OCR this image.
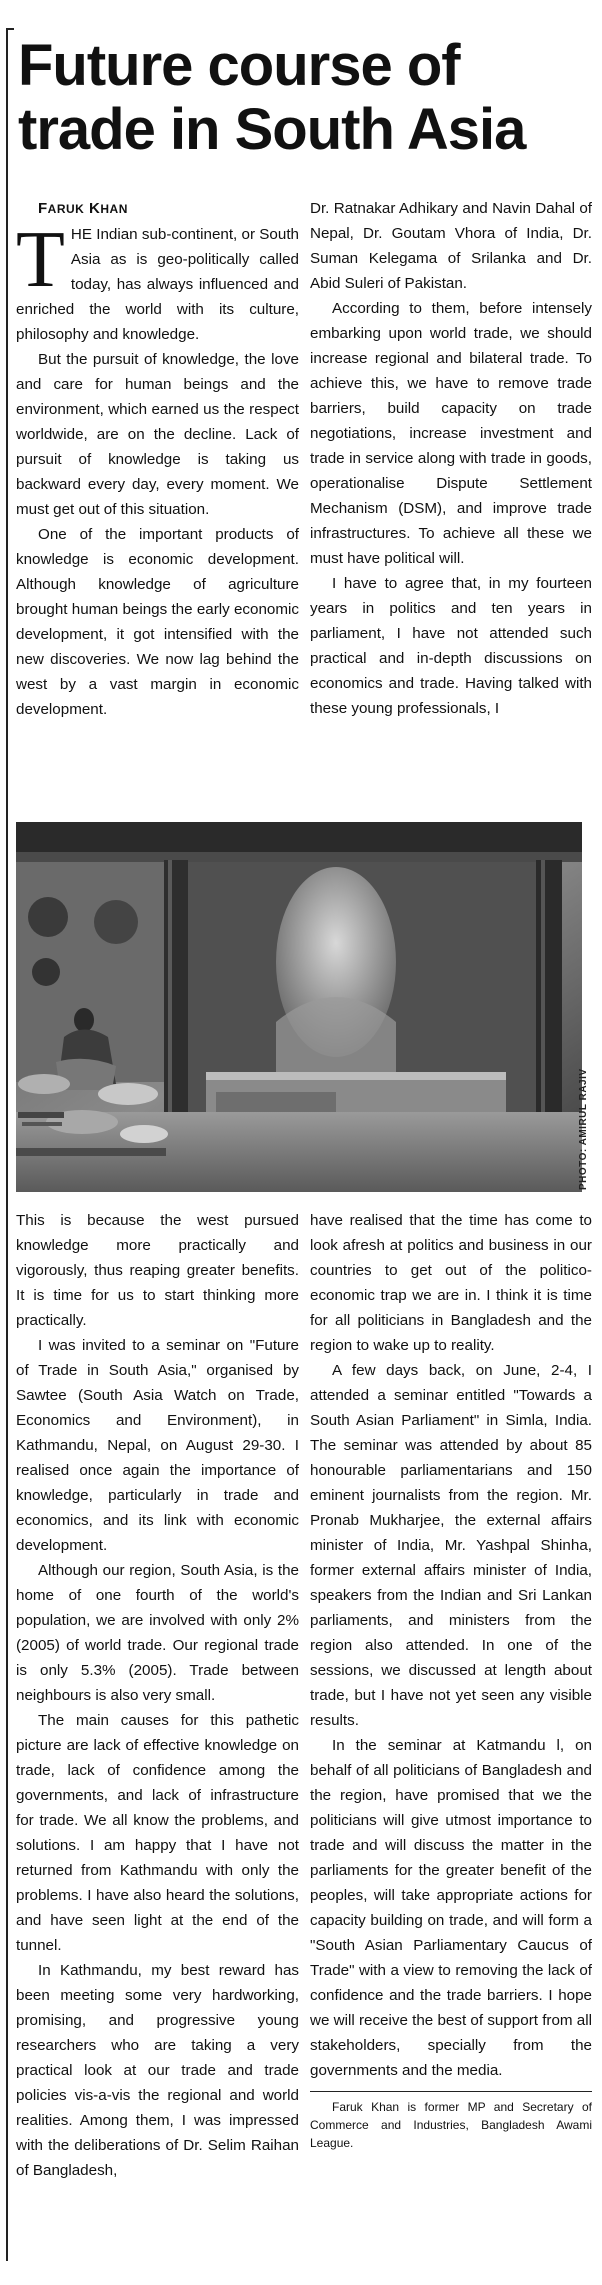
Future course of trade in South Asia

FARUK KHAN

THE Indian sub-continent, or South Asia as is geo-politically called today, has always influenced and enriched the world with its culture, philosophy and knowledge.

But the pursuit of knowledge, the love and care for human beings and the environment, which earned us the respect worldwide, are on the decline. Lack of pursuit of knowledge is taking us backward every day, every moment. We must get out of this situation.

One of the important products of knowledge is economic development. Although knowledge of agriculture brought human beings the early economic development, it got intensified with the new discoveries. We now lag behind the west by a vast margin in economic development.

Dr. Ratnakar Adhikary and Navin Dahal of Nepal, Dr. Goutam Vhora of India, Dr. Suman Kelegama of Srilanka and Dr. Abid Suleri of Pakistan.

According to them, before intensely embarking upon world trade, we should increase regional and bilateral trade. To achieve this, we have to remove trade barriers, build capacity on trade negotiations, increase investment and trade in service along with trade in goods, operationalise Dispute Settlement Mechanism (DSM), and improve trade infrastructures. To achieve all these we must have political will.

I have to agree that, in my fourteen years in politics and ten years in parliament, I have not attended such practical and in-depth discussions on economics and trade. Having talked with these young professionals, I

PHOTO: AMIRUL RAJIV

This is because the west pursued knowledge more practically and vigorously, thus reaping greater benefits. It is time for us to start thinking more practically.

I was invited to a seminar on "Future of Trade in South Asia," organised by Sawtee (South Asia Watch on Trade, Economics and Environment), in Kathmandu, Nepal, on August 29-30. I realised once again the importance of knowledge, particularly in trade and economics, and its link with economic development.

Although our region, South Asia, is the home of one fourth of the world's population, we are involved with only 2% (2005) of world trade. Our regional trade is only 5.3% (2005). Trade between neighbours is also very small.

The main causes for this pathetic picture are lack of effective knowledge on trade, lack of confidence among the governments, and lack of infrastructure for trade. We all know the problems, and solutions. I am happy that I have not returned from Kathmandu with only the problems. I have also heard the solutions, and have seen light at the end of the tunnel.

In Kathmandu, my best reward has been meeting some very hardworking, promising, and progressive young researchers who are taking a very practical look at our trade and trade policies vis-a-vis the regional and world realities. Among them, I was impressed with the deliberations of Dr. Selim Raihan of Bangladesh,

have realised that the time has come to look afresh at politics and business in our countries to get out of the politico-economic trap we are in. I think it is time for all politicians in Bangladesh and the region to wake up to reality.

A few days back, on June, 2-4, I attended a seminar entitled "Towards a South Asian Parliament" in Simla, India. The seminar was attended by about 85 honourable parliamentarians and 150 eminent journalists from the region. Mr. Pronab Mukharjee, the external affairs minister of India, Mr. Yashpal Shinha, former external affairs minister of India, speakers from the Indian and Sri Lankan parliaments, and ministers from the region also attended. In one of the sessions, we discussed at length about trade, but I have not yet seen any visible results.

In the seminar at Katmandu l, on behalf of all politicians of Bangladesh and the region, have promised that we the politicians will give utmost importance to trade and will discuss the matter in the parliaments for the greater benefit of the peoples, will take appropriate actions for capacity building on trade, and will form a "South Asian Parliamentary Caucus of Trade" with a view to removing the lack of confidence and the trade barriers. I hope we will receive the best of support from all stakeholders, specially from the governments and the media.

Faruk Khan is former MP and Secretary of Commerce and Industries, Bangladesh Awami League.
